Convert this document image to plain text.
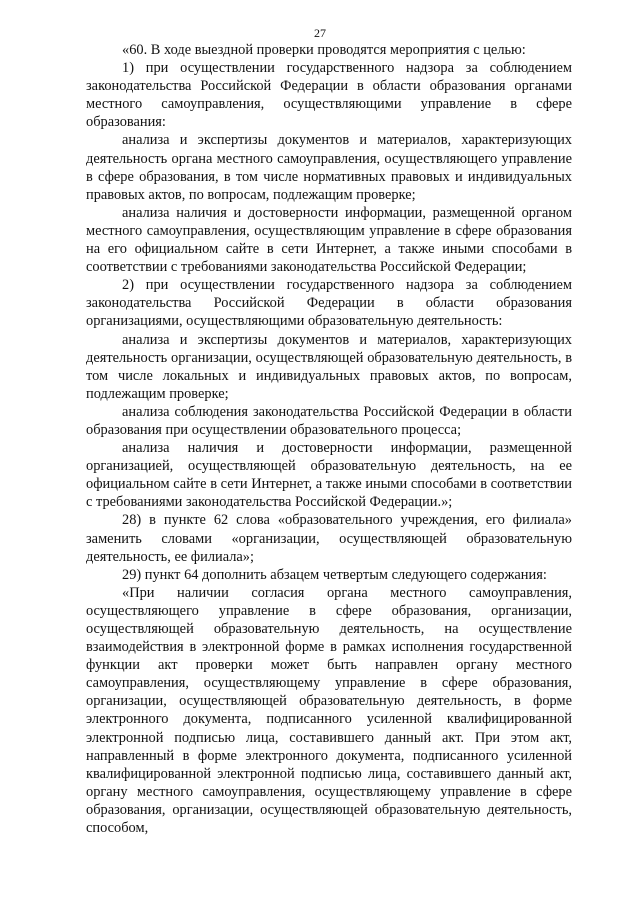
27

«60. В ходе выездной проверки проводятся мероприятия с целью:

1) при осуществлении государственного надзора за соблюдением законодательства Российской Федерации в области образования органами местного самоуправления, осуществляющими управление в сфере образования:

анализа и экспертизы документов и материалов, характеризующих деятельность органа местного самоуправления, осуществляющего управление в сфере образования, в том числе нормативных правовых и индивидуальных правовых актов, по вопросам, подлежащим проверке;

анализа наличия и достоверности информации, размещенной органом местного самоуправления, осуществляющим управление в сфере образования на его официальном сайте в сети Интернет, а также иными способами в соответствии с требованиями законодательства Российской Федерации;

2) при осуществлении государственного надзора за соблюдением законодательства Российской Федерации в области образования организациями, осуществляющими образовательную деятельность:

анализа и экспертизы документов и материалов, характеризующих деятельность организации, осуществляющей образовательную деятельность, в том числе локальных и индивидуальных правовых актов, по вопросам, подлежащим проверке;

анализа соблюдения законодательства Российской Федерации в области образования при осуществлении образовательного процесса;

анализа наличия и достоверности информации, размещенной организацией, осуществляющей образовательную деятельность, на ее официальном сайте в сети Интернет, а также иными способами в соответствии с требованиями законодательства Российской Федерации.»;

28) в пункте 62 слова «образовательного учреждения, его филиала» заменить словами «организации, осуществляющей образовательную деятельность, ее филиала»;

29) пункт 64 дополнить абзацем четвертым следующего содержания:

«При наличии согласия органа местного самоуправления, осуществляющего управление в сфере образования, организации, осуществляющей образовательную деятельность, на осуществление взаимодействия в электронной форме в рамках исполнения государственной функции акт проверки может быть направлен органу местного самоуправления, осуществляющему управление в сфере образования, организации, осуществляющей образовательную деятельность, в форме электронного документа, подписанного усиленной квалифицированной электронной подписью лица, составившего данный акт. При этом акт, направленный в форме электронного документа, подписанного усиленной квалифицированной электронной подписью лица, составившего данный акт, органу местного самоуправления, осуществляющему управление в сфере образования, организации, осуществляющей образовательную деятельность, способом,
